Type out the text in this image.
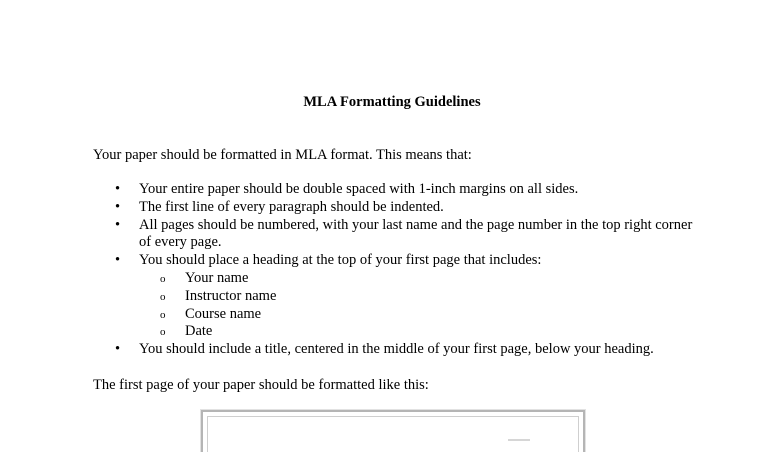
MLA Formatting Guidelines
Your paper should be formatted in MLA format. This means that:
•	Your entire paper should be double spaced with 1-inch margins on all sides.
•	The first line of every paragraph should be indented.
•	All pages should be numbered, with your last name and the page number in the top right corner of every page.
•	You should place a heading at the top of your first page that includes:
o Your name
o Instructor name
o Course name
o Date
•	You should include a title, centered in the middle of your first page, below your heading.
The first page of your paper should be formatted like this:
